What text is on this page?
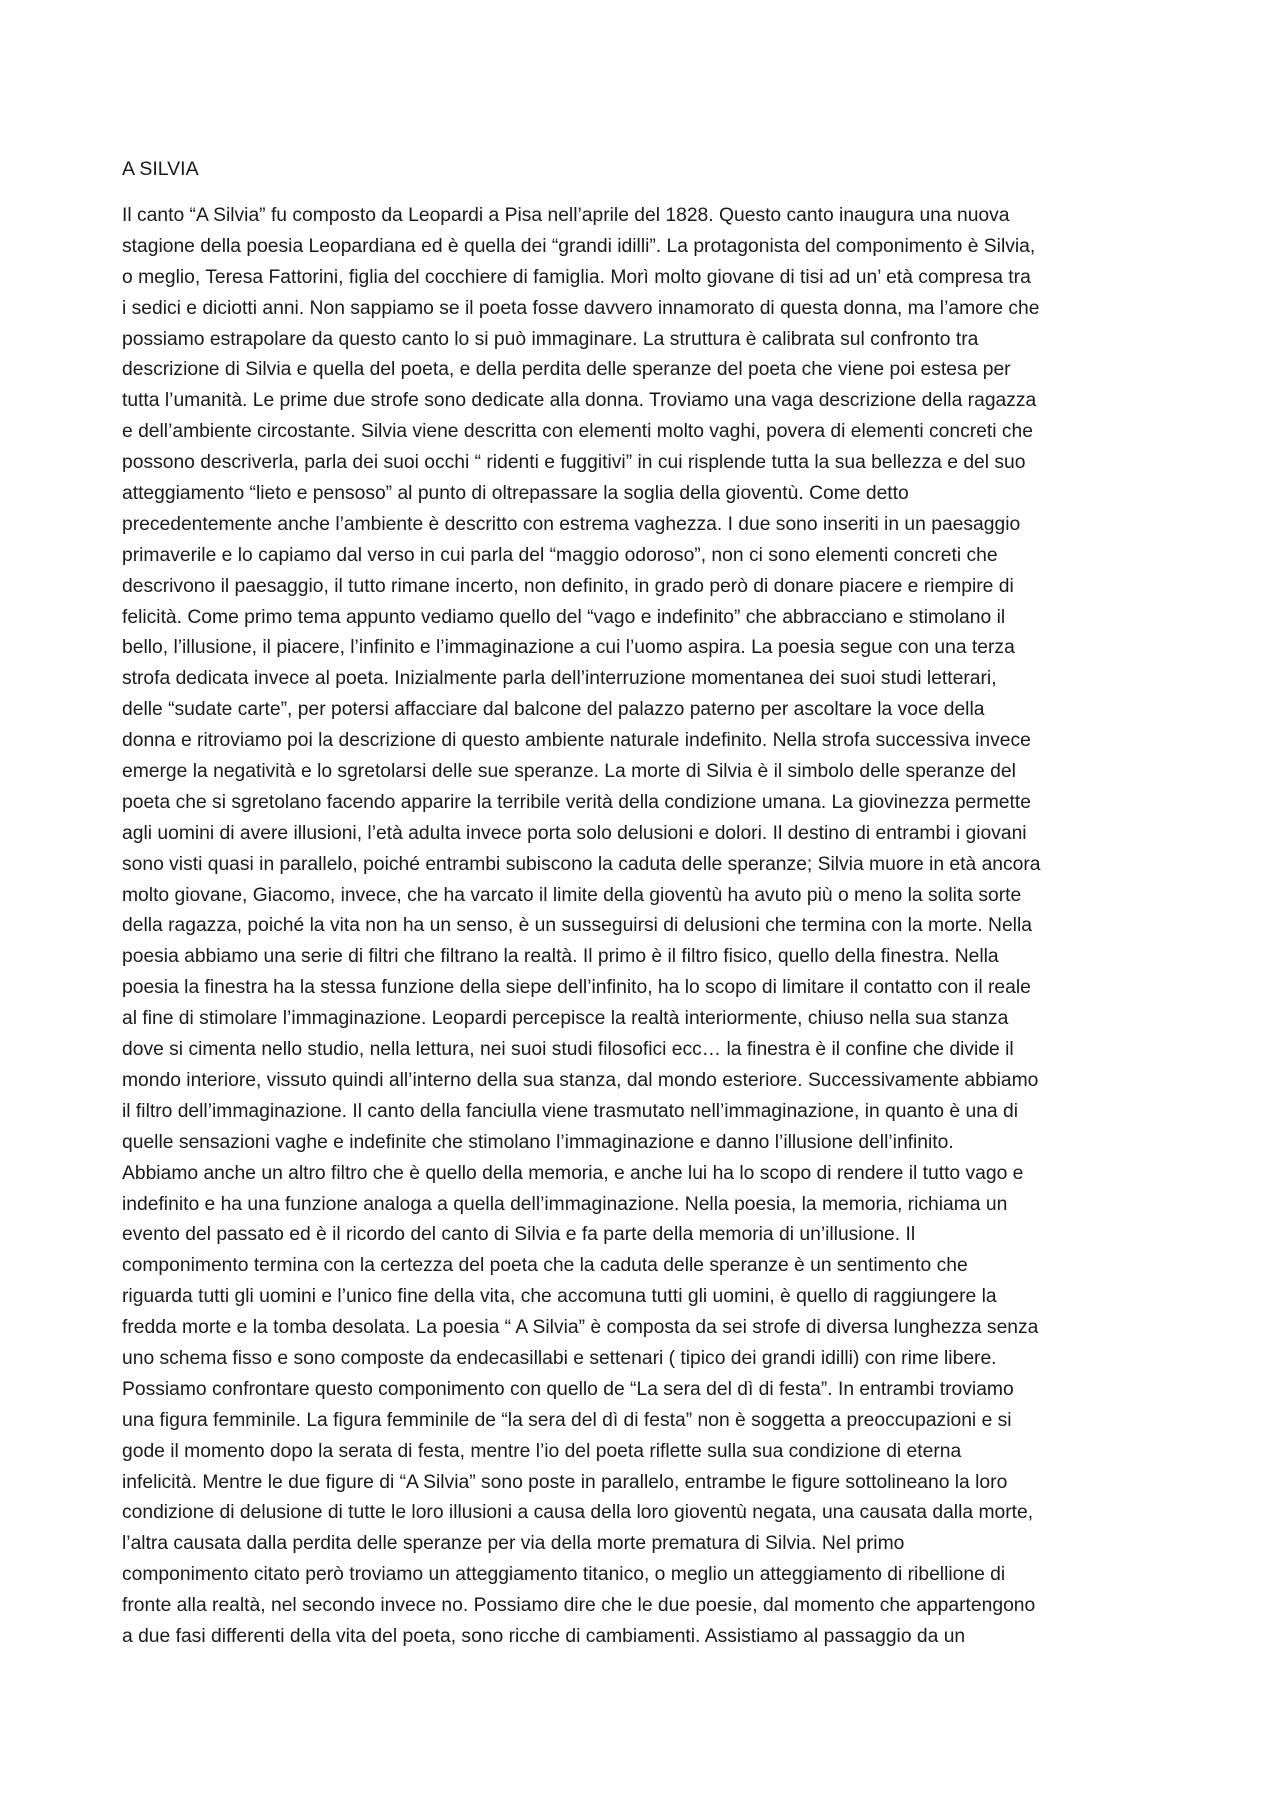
A SILVIA
Il canto “A Silvia” fu composto da Leopardi a Pisa nell’aprile del 1828. Questo canto inaugura una nuova
stagione della poesia Leopardiana ed è quella dei “grandi idilli”. La protagonista del componimento è Silvia,
o meglio, Teresa Fattorini, figlia del cocchiere di famiglia. Morì molto giovane di tisi ad un’ età compresa tra
i sedici e diciotti anni. Non sappiamo se il poeta fosse davvero innamorato di questa donna, ma l’amore che
possiamo estrapolare da questo canto lo si può immaginare. La struttura è calibrata sul confronto tra
descrizione di Silvia e quella del poeta, e della perdita delle speranze del poeta che viene poi estesa per
tutta l’umanità. Le prime due strofe sono dedicate alla donna. Troviamo una vaga descrizione della ragazza
e dell’ambiente circostante. Silvia viene descritta con elementi molto vaghi, povera di elementi concreti che
possono descriverla, parla dei suoi occhi “ ridenti e fuggitivi” in cui risplende tutta la sua bellezza e del suo
atteggiamento “lieto e pensoso” al punto di oltrepassare la soglia della gioventù. Come detto
precedentemente anche l’ambiente è descritto con estrema vaghezza. I due sono inseriti in un paesaggio
primaverile e lo capiamo dal verso in cui parla del “maggio odoroso”, non ci sono elementi concreti che
descrivono il paesaggio, il tutto rimane incerto, non definito, in grado però di donare piacere e riempire di
felicità. Come primo tema appunto vediamo quello del “vago e indefinito” che abbracciano e stimolano il
bello, l’illusione, il piacere, l’infinito e l’immaginazione a cui l’uomo aspira. La poesia segue con una terza
strofa dedicata invece al poeta. Inizialmente parla dell’interruzione momentanea dei suoi studi letterari,
delle “sudate carte”, per potersi affacciare dal balcone del palazzo paterno per ascoltare la voce della
donna e ritroviamo poi la descrizione di questo ambiente naturale indefinito. Nella strofa successiva invece
emerge la negatività e lo sgretolarsi delle sue speranze. La morte di Silvia è il simbolo delle speranze del
poeta che si sgretolano facendo apparire la terribile verità della condizione umana. La giovinezza permette
agli uomini di avere illusioni, l’età adulta invece porta solo delusioni e dolori. Il destino di entrambi i giovani
sono visti quasi in parallelo, poiché entrambi subiscono la caduta delle speranze; Silvia muore in età ancora
molto giovane, Giacomo, invece, che ha varcato il limite della gioventù ha avuto più o meno la solita sorte
della ragazza, poiché la vita non ha un senso, è un susseguirsi di delusioni che termina con la morte. Nella
poesia abbiamo una serie di filtri che filtrano la realtà. Il primo è il filtro fisico, quello della finestra. Nella
poesia la finestra ha la stessa funzione della siepe dell’infinito, ha lo scopo di limitare il contatto con il reale
al fine di stimolare l’immaginazione. Leopardi percepisce la realtà interiormente, chiuso nella sua stanza
dove si cimenta nello studio, nella lettura, nei suoi studi filosofici ecc… la finestra è il confine che divide il
mondo interiore, vissuto quindi all’interno della sua stanza, dal mondo esteriore. Successivamente abbiamo
il filtro dell’immaginazione. Il canto della fanciulla viene trasmutato nell’immaginazione, in quanto è una di
quelle sensazioni vaghe e indefinite che stimolano l’immaginazione e danno l’illusione dell’infinito.
Abbiamo anche un altro filtro che è quello della memoria, e anche lui ha lo scopo di rendere il tutto vago e
indefinito e ha una funzione analoga a quella dell’immaginazione. Nella poesia, la memoria, richiama un
evento del passato ed è il ricordo del canto di Silvia e fa parte della memoria di un’illusione. Il
componimento termina con la certezza del poeta che la caduta delle speranze è un sentimento che
riguarda tutti gli uomini e l’unico fine della vita, che accomuna tutti gli uomini, è quello di raggiungere la
fredda morte e la tomba desolata. La poesia “ A Silvia” è composta da sei strofe di diversa lunghezza senza
uno schema fisso e sono composte da endecasillabi e settenari ( tipico dei grandi idilli) con rime libere.
Possiamo confrontare questo componimento con quello de “La sera del dì di festa”. In entrambi troviamo
una figura femminile. La figura femminile de “la sera del dì di festa” non è soggetta a preoccupazioni e si
gode il momento dopo la serata di festa, mentre l’io del poeta riflette sulla sua condizione di eterna
infelicità. Mentre le due figure di “A Silvia” sono poste in parallelo, entrambe le figure sottolineano la loro
condizione di delusione di tutte le loro illusioni a causa della loro gioventù negata, una causata dalla morte,
l’altra causata dalla perdita delle speranze per via della morte prematura di Silvia. Nel primo
componimento citato però troviamo un atteggiamento titanico, o meglio un atteggiamento di ribellione di
fronte alla realtà, nel secondo invece no. Possiamo dire che le due poesie, dal momento che appartengono
a due fasi differenti della vita del poeta, sono ricche di cambiamenti. Assistiamo al passaggio da un
